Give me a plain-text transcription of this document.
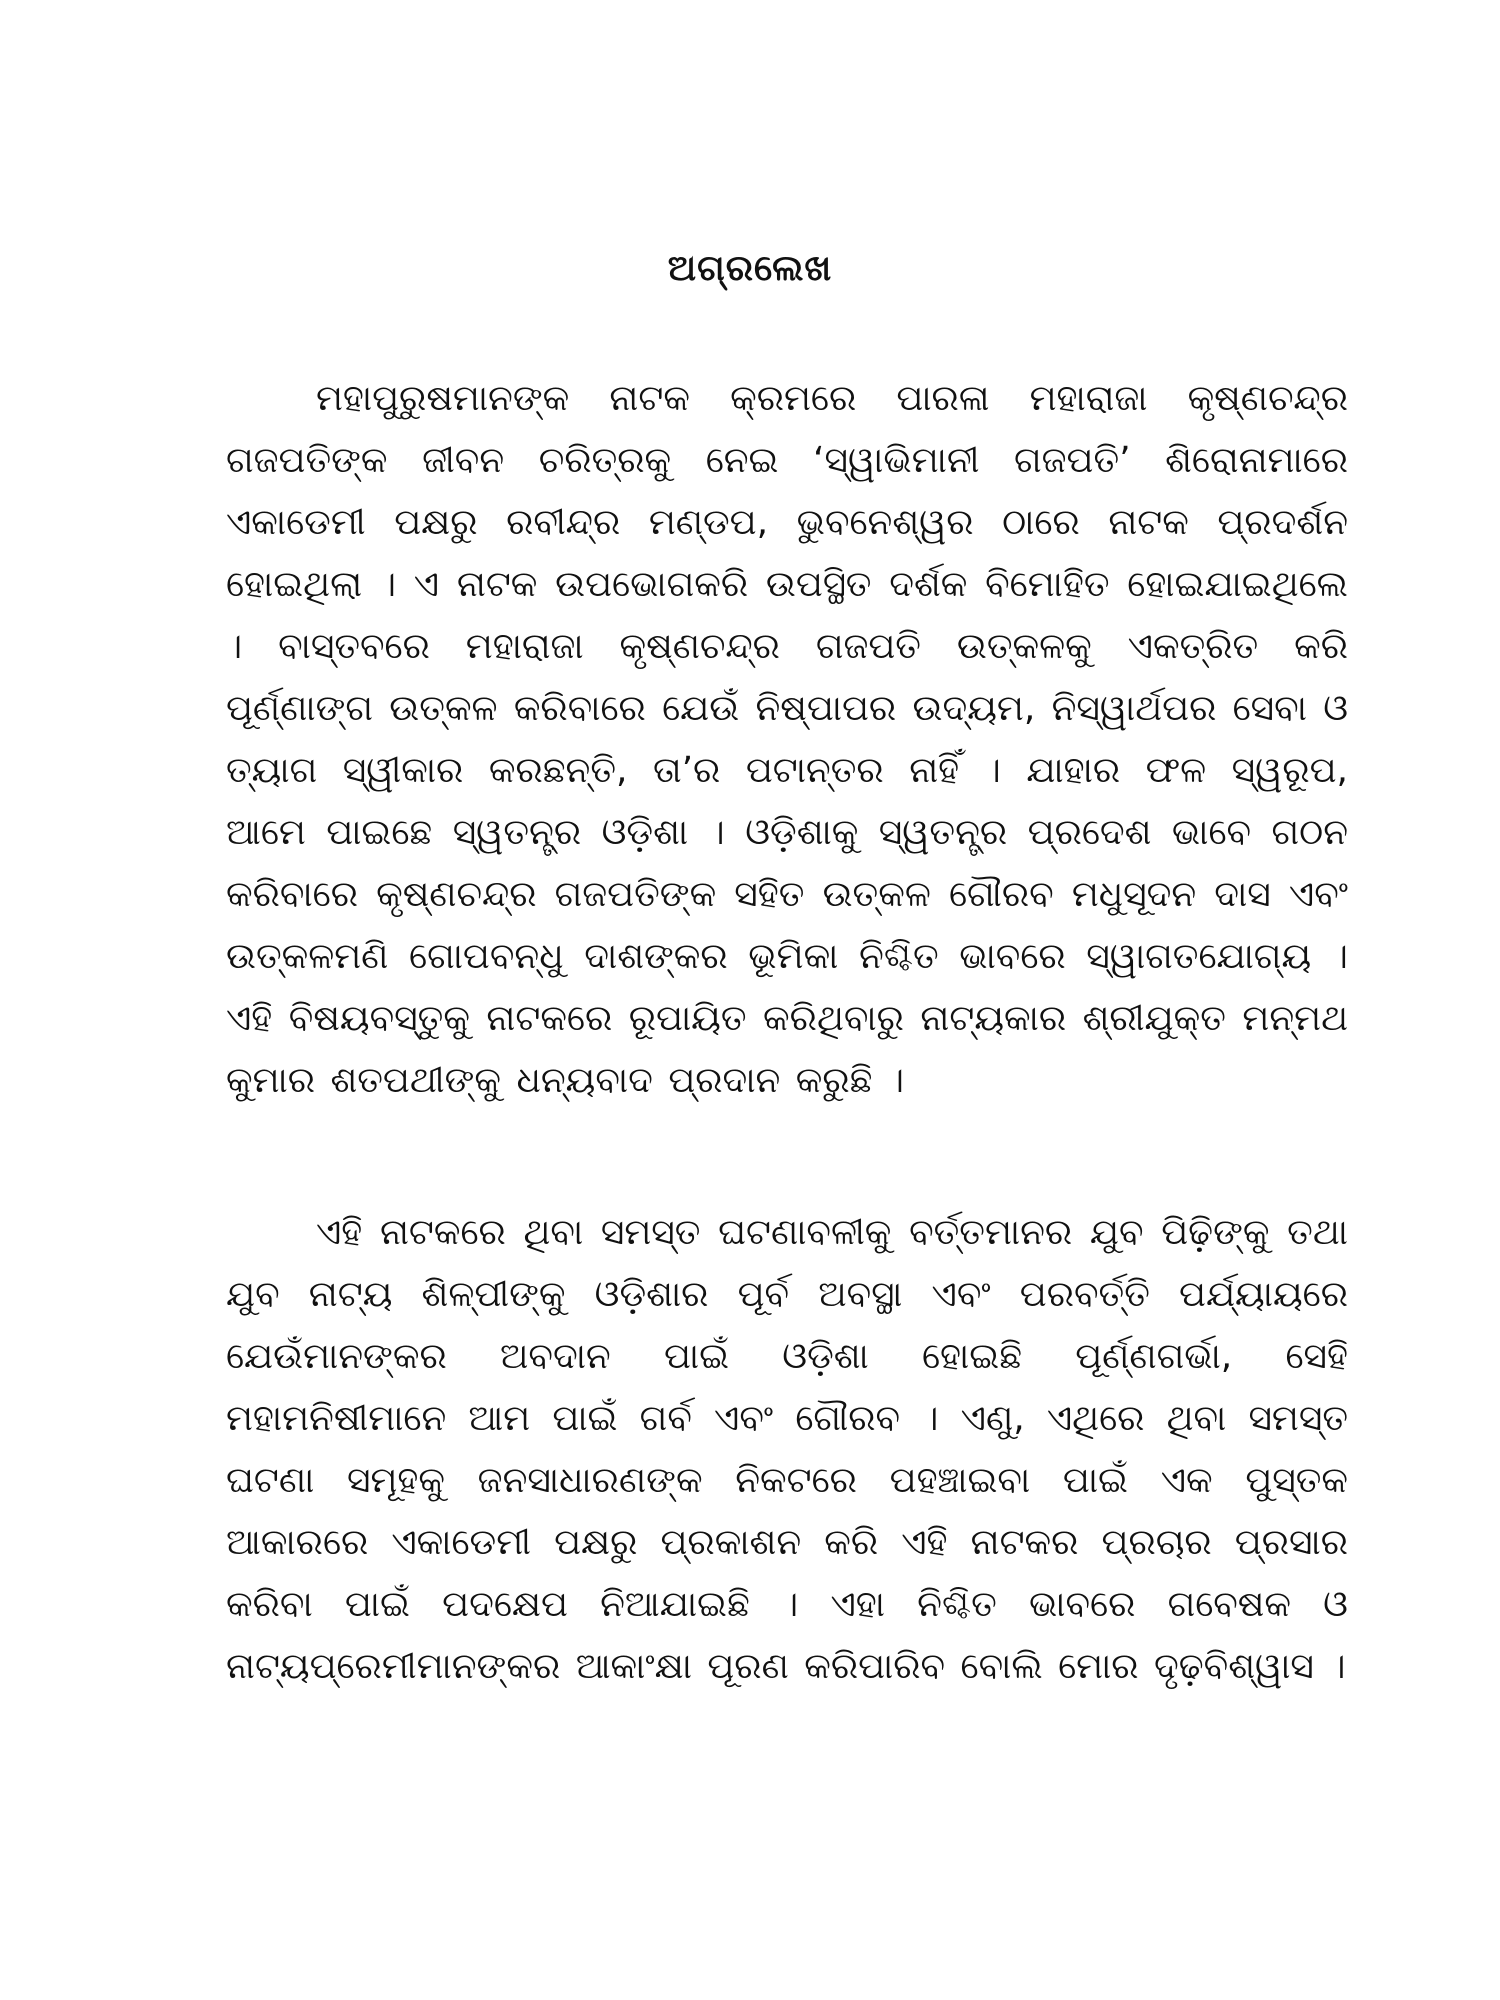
ଅଗ୍ରଲେଖ

ମହାପୁରୁଷମାନଙ୍କ ନାଟକ କ୍ରମରେ ପାରଳା ମହାରାଜା କୃଷ୍ଣଚନ୍ଦ୍ର ଗଜପତିଙ୍କ ଜୀବନ ଚରିତ୍ରକୁ ନେଇ ‘ସ୍ୱାଭିମାନୀ ଗଜପତି’ ଶିରୋନାମାରେ ଏକାଡେମୀ ପକ୍ଷରୁ ରବୀନ୍ଦ୍ର ମଣ୍ଡପ, ଭୁବନେଶ୍ୱର ଠାରେ ନାଟକ ପ୍ରଦର୍ଶନ ହୋଇଥିଲା । ଏ ନାଟକ ଉପଭୋଗକରି ଉପସ୍ଥିତ ଦର୍ଶକ ବିମୋହିତ ହୋଇଯାଇଥିଲେ । ବାସ୍ତବରେ ମହାରାଜା କୃଷ୍ଣଚନ୍ଦ୍ର ଗଜପତି ଉତ୍କଳକୁ ଏକତ୍ରିତ କରି ପୂର୍ଣ୍ଣାଙ୍ଗ ଉତ୍କଳ କରିବାରେ ଯେଉଁ ନିଷ୍ପାପର ଉଦ୍ୟମ, ନିସ୍ୱାର୍ଥପର ସେବା ଓ ତ୍ୟାଗ ସ୍ୱୀକାର କରଛନ୍ତି, ତା’ର ପଟାନ୍ତର ନାହିଁ । ଯାହାର ଫଳ ସ୍ୱରୂପ, ଆମେ ପାଇଛେ ସ୍ୱତନ୍ତ୍ର ଓଡ଼ିଶା । ଓଡ଼ିଶାକୁ ସ୍ୱତନ୍ତ୍ର ପ୍ରଦେଶ ଭାବେ ଗଠନ କରିବାରେ କୃଷ୍ଣଚନ୍ଦ୍ର ଗଜପତିଙ୍କ ସହିତ ଉତ୍କଳ ଗୌରବ ମଧୁସୂଦନ ଦାସ ଏବଂ ଉତ୍କଳମଣି ଗୋପବନ୍ଧୁ ଦାଶଙ୍କର ଭୂମିକା ନିଶ୍ଚିତ ଭାବରେ ସ୍ୱାଗତଯୋଗ୍ୟ । ଏହି ବିଷୟବସ୍ତୁକୁ ନାଟକରେ ରୂପାୟିତ କରିଥିବାରୁ ନାଟ୍ୟକାର ଶ୍ରୀଯୁକ୍ତ ମନ୍ମଥ କୁମାର ଶତପଥୀଙ୍କୁ ଧନ୍ୟବାଦ ପ୍ରଦାନ କରୁଛି ।

ଏହି ନାଟକରେ ଥିବା ସମସ୍ତ ଘଟଣାବଳୀକୁ ବର୍ତ୍ତମାନର ଯୁବ ପିଢ଼ିଙ୍କୁ ତଥା ଯୁବ ନାଟ୍ୟ ଶିଳ୍ପୀଙ୍କୁ ଓଡ଼ିଶାର ପୂର୍ବ ଅବସ୍ଥା ଏବଂ ପରବର୍ତ୍ତି ପର୍ଯ୍ୟାୟରେ ଯେଉଁମାନଙ୍କର ଅବଦାନ ପାଇଁ ଓଡ଼ିଶା ହୋଇଛି ପୂର୍ଣ୍ଣଗର୍ଭା, ସେହି ମହାମନିଷୀମାନେ ଆମ ପାଇଁ ଗର୍ବ ଏବଂ ଗୌରବ । ଏଣୁ, ଏଥିରେ ଥିବା ସମସ୍ତ ଘଟଣା ସମୂହକୁ ଜନସାଧାରଣଙ୍କ ନିକଟରେ ପହଞ୍ଚାଇବା ପାଇଁ ଏକ ପୁସ୍ତକ ଆକାରରେ ଏକାଡେମୀ ପକ୍ଷରୁ ପ୍ରକାଶନ କରି ଏହି ନାଟକର ପ୍ରଚାର ପ୍ରସାର କରିବା ପାଇଁ ପଦକ୍ଷେପ ନିଆଯାଇଛି । ଏହା ନିଶ୍ଚିତ ଭାବରେ ଗବେଷକ ଓ ନାଟ୍ୟପ୍ରେମୀମାନଙ୍କର ଆକାଂକ୍ଷା ପୂରଣ କରିପାରିବ ବୋଲି ମୋର ଦୃଢ଼ବିଶ୍ୱାସ ।
